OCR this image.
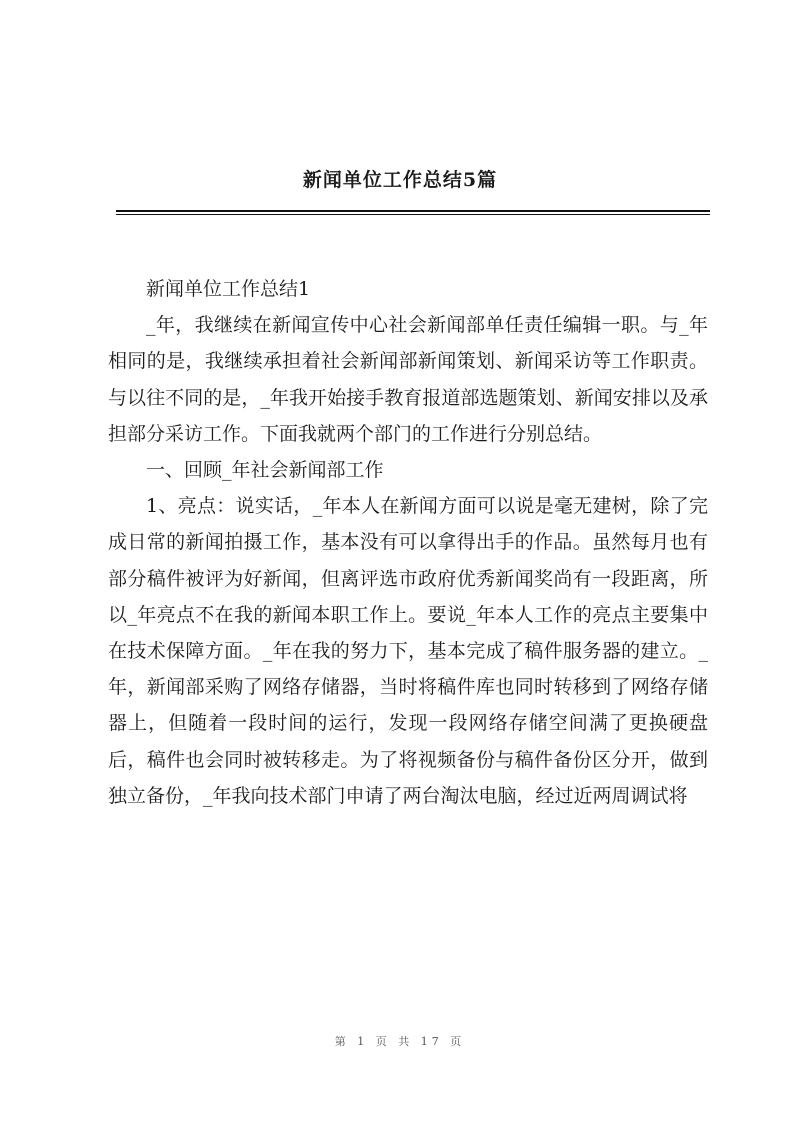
新闻单位工作总结5篇

新闻单位工作总结1

_年，我继续在新闻宣传中心社会新闻部单任责任编辑一职。与_年相同的是，我继续承担着社会新闻部新闻策划、新闻采访等工作职责。与以往不同的是，_年我开始接手教育报道部选题策划、新闻安排以及承担部分采访工作。下面我就两个部门的工作进行分别总结。

一、回顾_年社会新闻部工作

1、亮点：说实话，_年本人在新闻方面可以说是毫无建树，除了完成日常的新闻拍摄工作，基本没有可以拿得出手的作品。虽然每月也有部分稿件被评为好新闻，但离评选市政府优秀新闻奖尚有一段距离，所以_年亮点不在我的新闻本职工作上。要说_年本人工作的亮点主要集中在技术保障方面。_年在我的努力下，基本完成了稿件服务器的建立。_年，新闻部采购了网络存储器，当时将稿件库也同时转移到了网络存储器上，但随着一段时间的运行，发现一段网络存储空间满了更换硬盘后，稿件也会同时被转移走。为了将视频备份与稿件备份区分开，做到独立备份，_年我向技术部门申请了两台淘汰电脑，经过近两周调试将

第 1 页 共 17 页
